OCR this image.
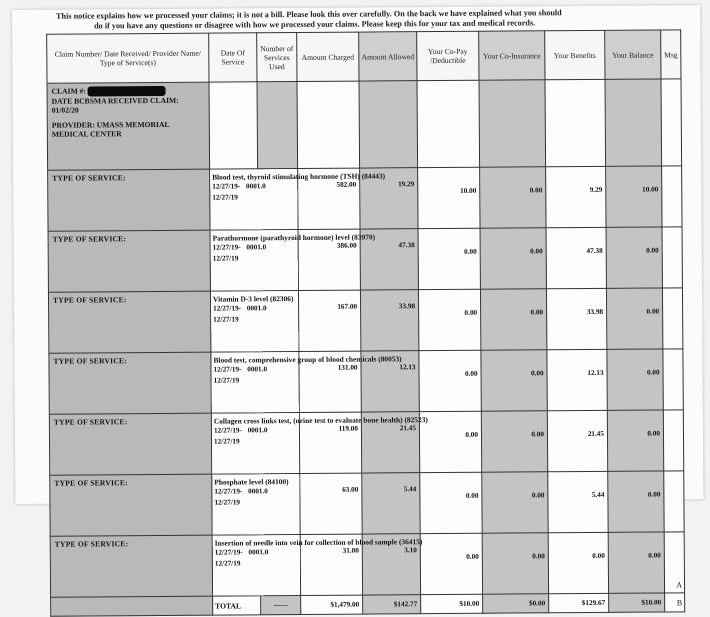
This notice explains how we processed your claims; it is not a bill. Please look this over carefully. On the back we have explained what you should
do if you have any questions or disagree with how we processed your claims. Please keep this for your tax and medical records.
Claim Number/ Date Received/ Provider Name/ Type of Service(s)	Date Of Service	Number of Services Used	Amount Charged	Amount Allowed	Your Co-Pay /Deductible	Your Co-Insurance	Your Benefits	Your Balance	Msg

CLAIM #:
DATE BCBSMA RECEIVED CLAIM: 01/02/20
PROVIDER: UMASS MEMORIAL MEDICAL CENTER									

TYPE OF SERVICE:	Blood test, thyroid stimulating hormone (TSH) (84443)
12/27/19- 0001.0
12/27/19		582.00	19.29	10.00	0.00	9.29	10.00	
TYPE OF SERVICE:	Parathormone (parathyroid hormone) level (83970)
12/27/19- 0001.0
12/27/19		386.00	47.38	0.00	0.00	47.38	0.00	
TYPE OF SERVICE:	Vitamin D-3 level (82306)
12/27/19- 0001.0
12/27/19		167.00	33.98	0.00	0.00	33.98	0.00	
TYPE OF SERVICE:	Blood test, comprehensive group of blood chemicals (80053)
12/27/19- 0001.0
12/27/19		131.00	12.13	0.00	0.00	12.13	0.00	
TYPE OF SERVICE:	Collagen cross links test, (urine test to evaluate bone health) (82523)
12/27/19- 0001.0
12/27/19		119.00	21.45	0.00	0.00	21.45	0.00	
TYPE OF SERVICE:	Phosphate level (84100)
12/27/19- 0001.0
12/27/19		63.00	5.44	0.00	0.00	5.44	0.00	
TYPE OF SERVICE:	Insertion of needle into vein for collection of blood sample (36415)
12/27/19- 0001.0
12/27/19		31.00	3.10	0.00	0.00	0.00	0.00	A
	TOTAL	------	$1,479.00	$142.77	$10.00	$0.00	$129.67	$10.00	B
